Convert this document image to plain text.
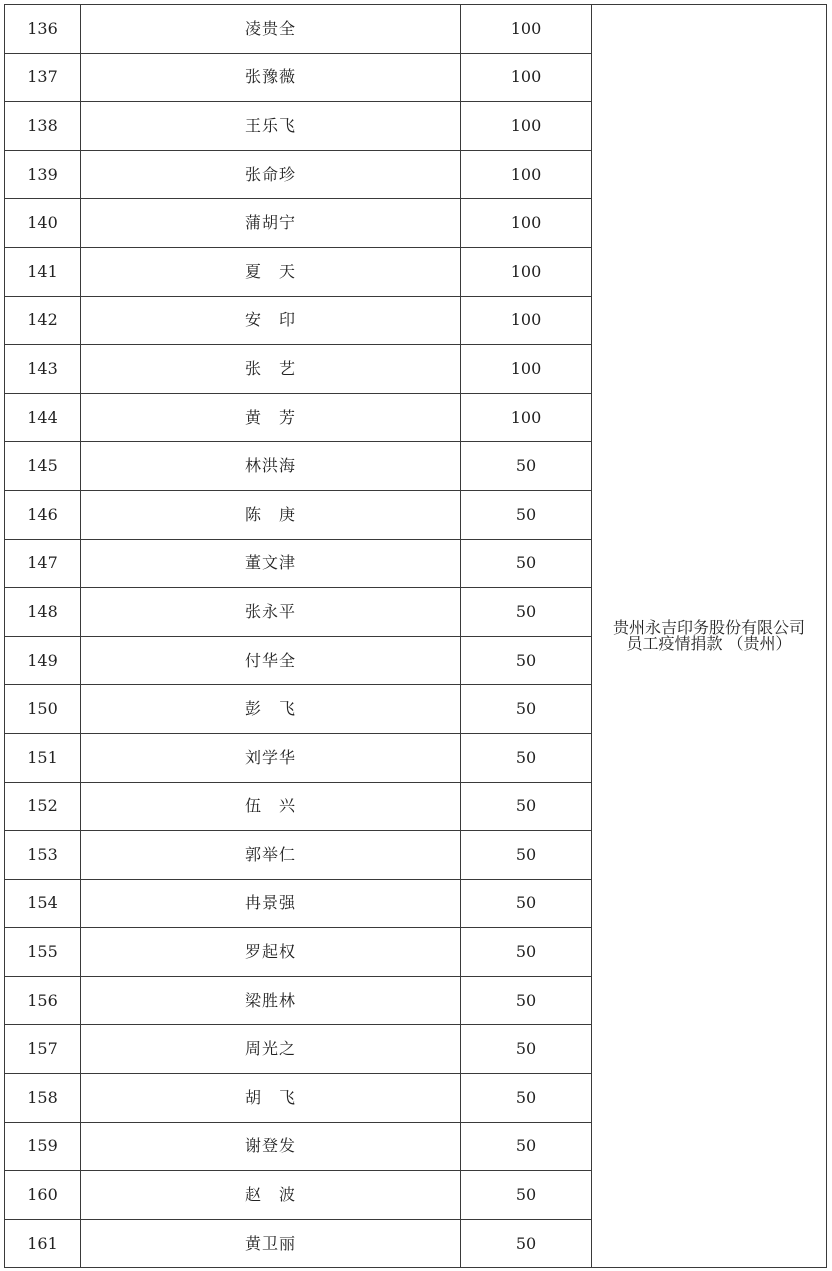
136	凌贵全	100	贵州永吉印务股份有限公司
员工疫情捐款 （贵州）

137	张豫薇	100	
138	王乐飞	100	
139	张命珍	100	
140	蒲胡宁	100	
141	夏　天	100	
142	安　印	100	
143	张　艺	100	
144	黄　芳	100	
145	林洪海	50	
146	陈　庚	50	
147	董文津	50	
148	张永平	50	
149	付华全	50	
150	彭　飞	50	
151	刘学华	50	
152	伍　兴	50	
153	郭举仁	50	
154	冉景强	50	
155	罗起权	50	
156	梁胜林	50	
157	周光之	50	
158	胡　飞	50	
159	谢登发	50	
160	赵　波	50	
161	黄卫丽	50	
